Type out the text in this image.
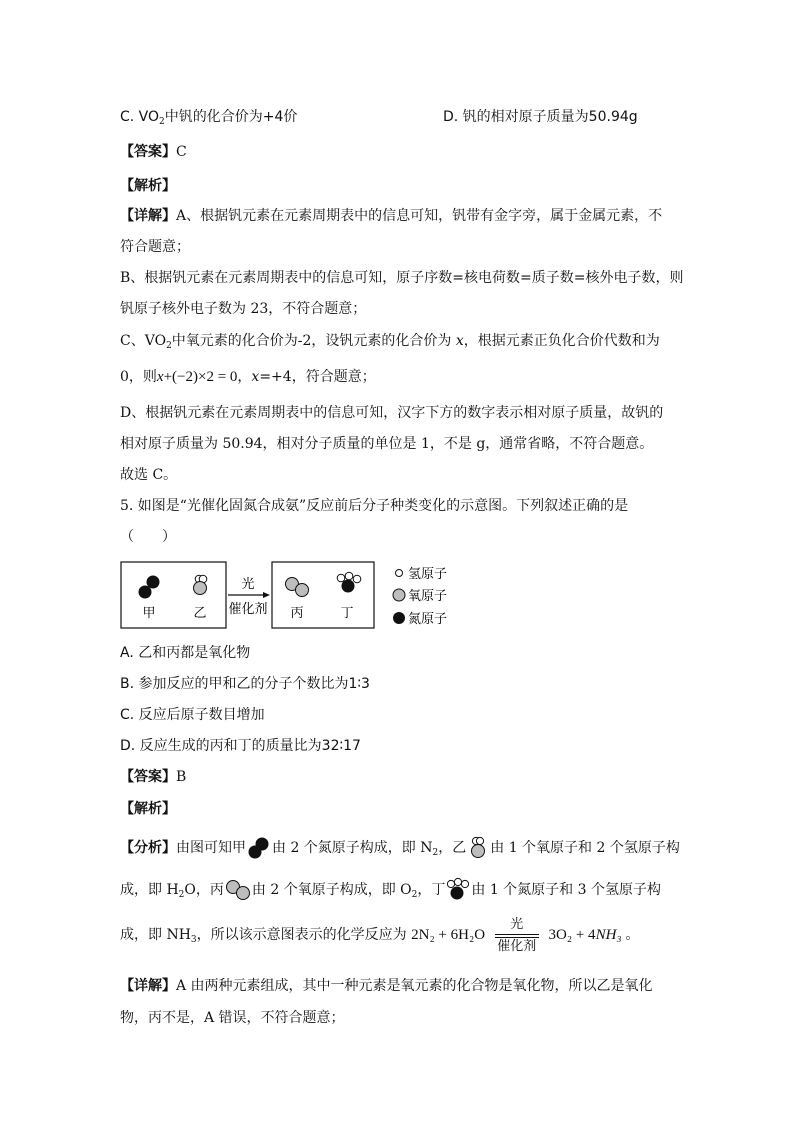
C. $VO_2$中钒的化合价为+4价	D. 钒的相对原子质量为50.94g
【答案】C
【解析】
【详解】A、根据钒元素在元素周期表中的信息可知，钒带有金字旁，属于金属元素，不
符合题意；
B、根据钒元素在元素周期表中的信息可知，原子序数=核电荷数=质子数=核外电子数，则
钒原子核外电子数为 23，不符合题意；
C、$VO_2$中氧元素的化合价为-2，设钒元素的化合价为 x，根据元素正负化合价代数和为
0，则x+(−2)×2 = 0，x=+4，符合题意；
D、根据钒元素在元素周期表中的信息可知，汉字下方的数字表示相对原子质量，故钒的
相对原子质量为 50.94，相对分子质量的单位是 1，不是 g，通常省略，不符合题意。
故选 C。
5. 如图是“光催化固氮合成氨”反应前后分子种类变化的示意图。下列叙述正确的是
（　　）
光
催化剂
甲	乙	丙	丁
氢原子
氧原子
氮原子
A. 乙和丙都是氧化物
B. 参加反应的甲和乙的分子个数比为1∶3
C. 反应后原子数目增加
D. 反应生成的丙和丁的质量比为32∶17
【答案】B
【解析】
【分析】由图可知甲 由 2 个氮原子构成，即 $N_2$，乙 由 1 个氧原子和 2 个氢原子构
成，即 $H_2O$，丙 由 2 个氧原子构成，即 $O_2$，丁 由 1 个氮原子和 3 个氢原子构
成，即 $NH_3$，所以该示意图表示的化学反应为 2N₂ + 6H₂O
光
催化剂
3O₂ + 4NH₃ 。
【详解】A 由两种元素组成，其中一种元素是氧元素的化合物是氧化物，所以乙是氧化
物，丙不是，A 错误，不符合题意；
